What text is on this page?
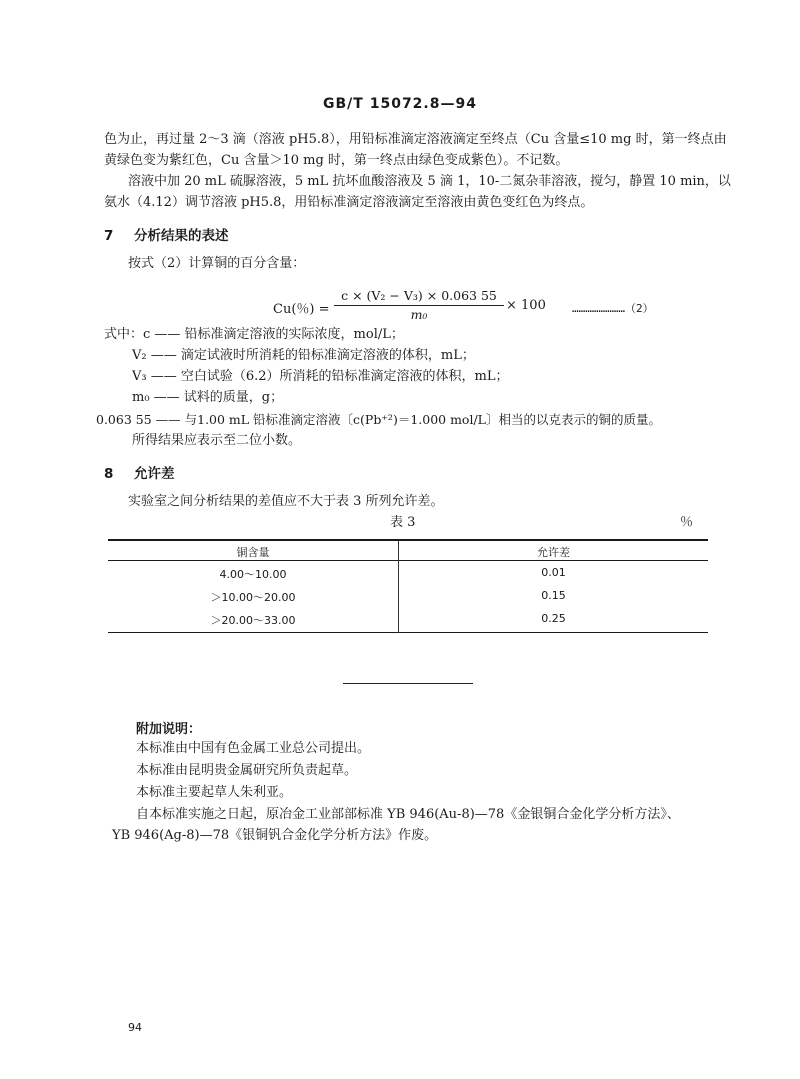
GB/T 15072.8—94
色为止，再过量 2～3 滴（溶液 pH5.8），用铅标准滴定溶液滴定至终点（Cu 含量≤10 mg 时，第一终点由
黄绿色变为紫红色，Cu 含量＞10 mg 时，第一终点由绿色变成紫色）。不记数。
溶液中加 20 mL 硫脲溶液，5 mL 抗坏血酸溶液及 5 滴 1，10-二氮杂菲溶液，搅匀，静置 10 min，以
氨水（4.12）调节溶液 pH5.8，用铅标准滴定溶液滴定至溶液由黄色变红色为终点。
7 分析结果的表述
按式（2）计算铜的百分含量：
Cu(％) =
c × (V₂ − V₃) × 0.063 55
m₀
× 100 ……………………（2）
式中：c —— 铅标准滴定溶液的实际浓度，mol/L；
V₂ —— 滴定试液时所消耗的铅标准滴定溶液的体积，mL；
V₃ —— 空白试验（6.2）所消耗的铅标准滴定溶液的体积，mL；
m₀ —— 试料的质量，g；
0.063 55 —— 与1.00 mL 铅标准滴定溶液〔c(Pb⁺²)＝1.000 mol/L〕相当的以克表示的铜的质量。
所得结果应表示至二位小数。
8 允许差
实验室之间分析结果的差值应不大于表 3 所列允许差。
表 3	％
铜含量	允许差
4.00～10.00	0.01
＞10.00～20.00	0.15
＞20.00～33.00	0.25
附加说明：
本标准由中国有色金属工业总公司提出。
本标准由昆明贵金属研究所负责起草。
本标准主要起草人朱利亚。
自本标准实施之日起，原冶金工业部部标准 YB 946(Au-8)—78《金银铜合金化学分析方法》、
YB 946(Ag-8)—78《银铜钒合金化学分析方法》作废。
94
